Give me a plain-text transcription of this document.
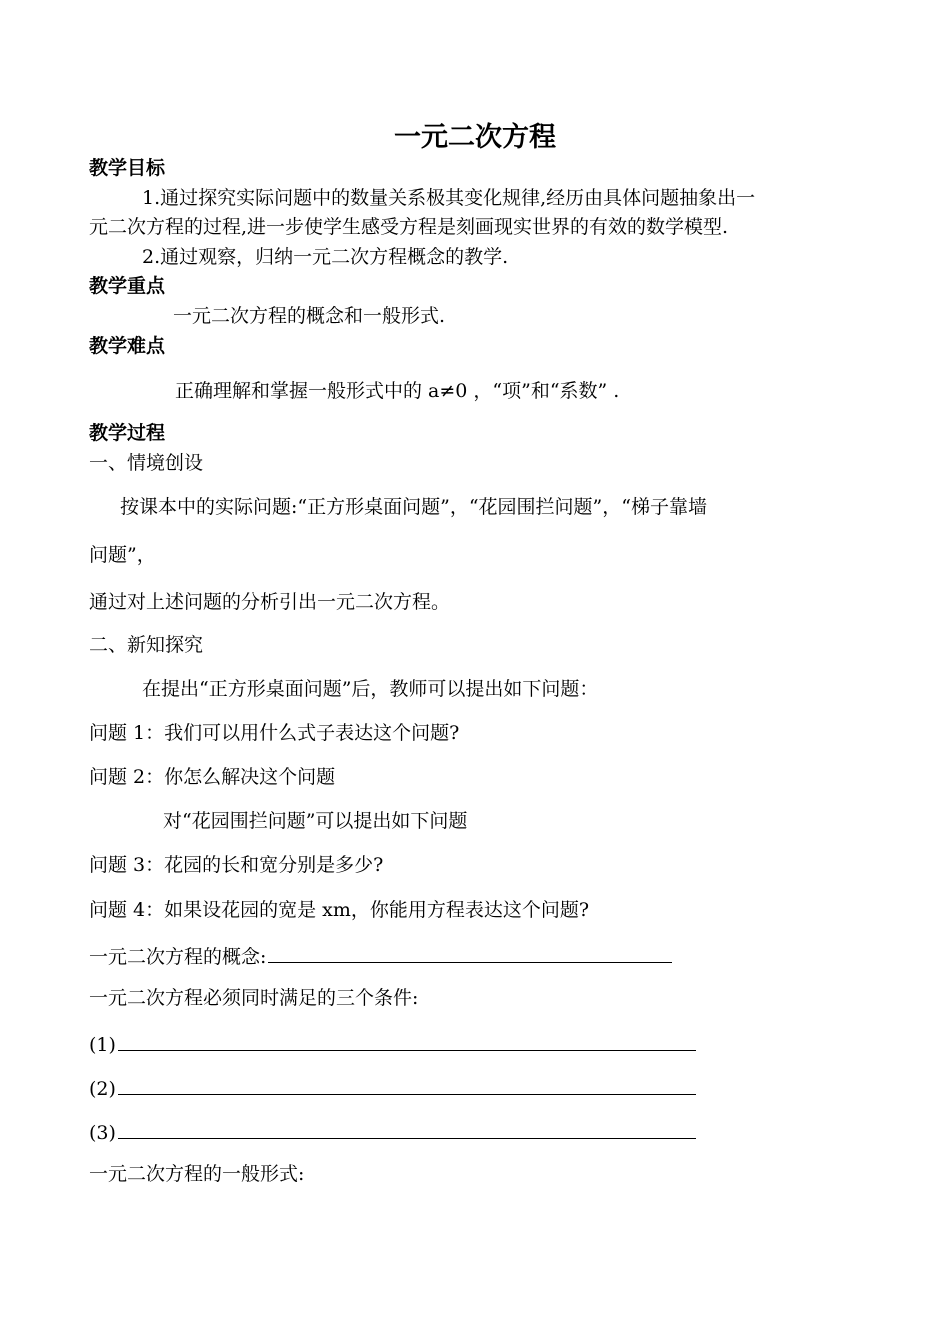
一元二次方程
教学目标
1.通过探究实际问题中的数量关系极其变化规律,经历由具体问题抽象出一
元二次方程的过程,进一步使学生感受方程是刻画现实世界的有效的数学模型.
2.通过观察，归纳一元二次方程概念的教学.
教学重点
一元二次方程的概念和一般形式.
教学难点
正确理解和掌握一般形式中的 a≠0 ，“项”和“系数” .
教学过程
一、情境创设
按课本中的实际问题:“正方形桌面问题”，“花园围拦问题”，“梯子靠墙
问题”，
通过对上述问题的分析引出一元二次方程。
二、新知探究
在提出“正方形桌面问题”后，教师可以提出如下问题：
问题 1：我们可以用什么式子表达这个问题?
问题 2：你怎么解决这个问题
对“花园围拦问题”可以提出如下问题
问题 3：花园的长和宽分别是多少?
问题 4：如果设花园的宽是 xm，你能用方程表达这个问题?
一元二次方程的概念:
一元二次方程必须同时满足的三个条件:
(1)
(2)
(3)
一元二次方程的一般形式:
